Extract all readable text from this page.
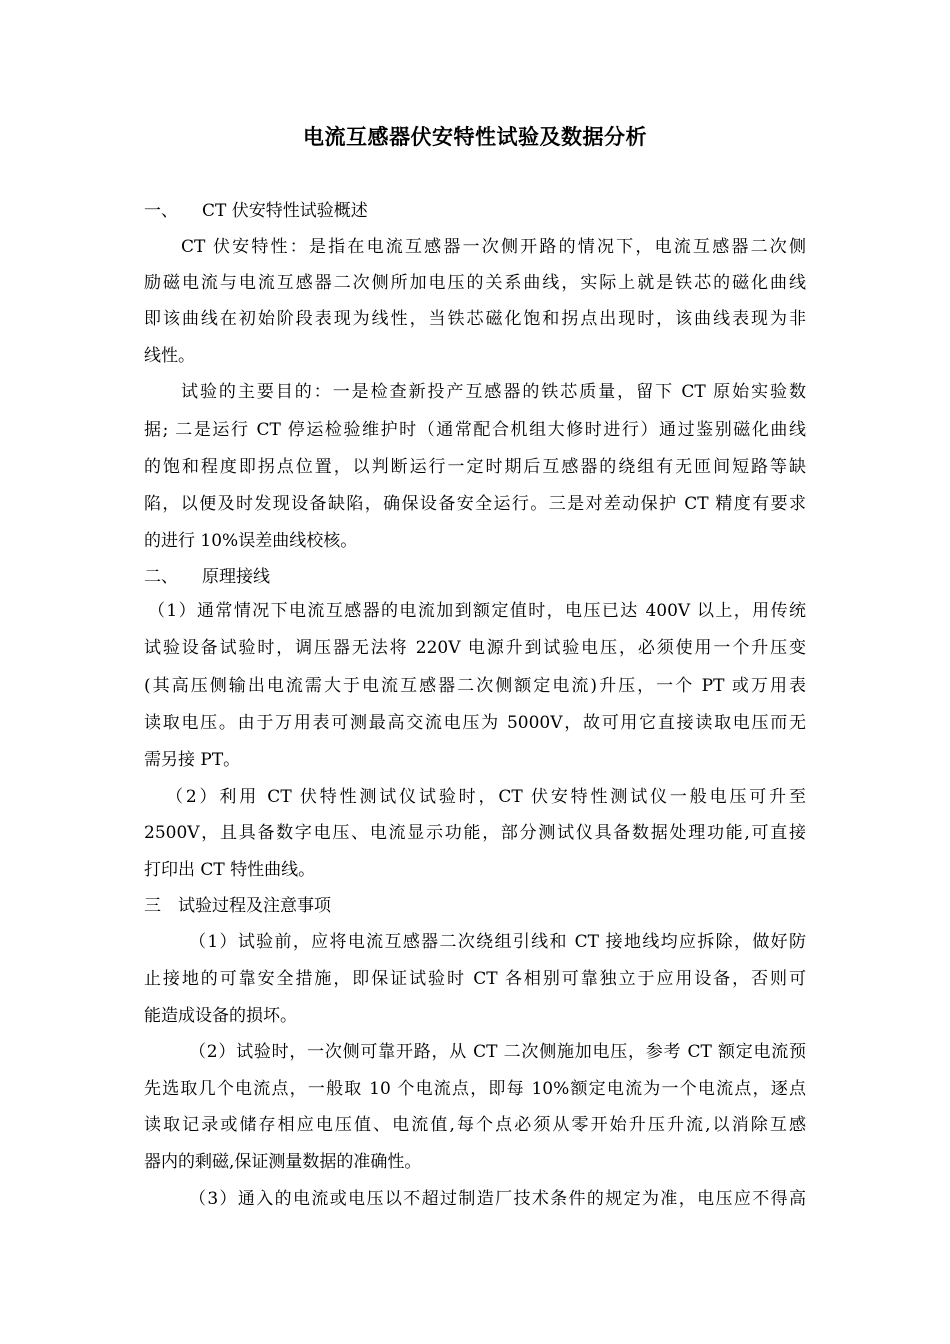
电流互感器伏安特性试验及数据分析
一、 CT 伏安特性试验概述
CT 伏安特性：是指在电流互感器一次侧开路的情况下，电流互感器二次侧
励磁电流与电流互感器二次侧所加电压的关系曲线，实际上就是铁芯的磁化曲线
即该曲线在初始阶段表现为线性，当铁芯磁化饱和拐点出现时，该曲线表现为非
线性。
试验的主要目的：一是检查新投产互感器的铁芯质量，留下 CT 原始实验数
据; 二是运行 CT 停运检验维护时（通常配合机组大修时进行）通过鉴别磁化曲线
的饱和程度即拐点位置，以判断运行一定时期后互感器的绕组有无匝间短路等缺
陷，以便及时发现设备缺陷，确保设备安全运行。三是对差动保护 CT 精度有要求
的进行 10%误差曲线校核。
二、 原理接线
（1）通常情况下电流互感器的电流加到额定值时，电压已达 400V 以上，用传统
试验设备试验时，调压器无法将 220V 电源升到试验电压，必须使用一个升压变
(其高压侧输出电流需大于电流互感器二次侧额定电流)升压，一个 PT 或万用表
读取电压。由于万用表可测最高交流电压为 5000V，故可用它直接读取电压而无
需另接 PT。
（2）利用 CT 伏特性测试仪试验时，CT 伏安特性测试仪一般电压可升至
2500V，且具备数字电压、电流显示功能，部分测试仪具备数据处理功能,可直接
打印出 CT 特性曲线。
三　试验过程及注意事项
（1）试验前，应将电流互感器二次绕组引线和 CT 接地线均应拆除，做好防
止接地的可靠安全措施，即保证试验时 CT 各相别可靠独立于应用设备，否则可
能造成设备的损坏。
（2）试验时，一次侧可靠开路，从 CT 二次侧施加电压，参考 CT 额定电流预
先选取几个电流点，一般取 10 个电流点，即每 10%额定电流为一个电流点，逐点
读取记录或储存相应电压值、电流值,每个点必须从零开始升压升流,以消除互感
器内的剩磁,保证测量数据的准确性。
（3）通入的电流或电压以不超过制造厂技术条件的规定为准，电压应不得高
